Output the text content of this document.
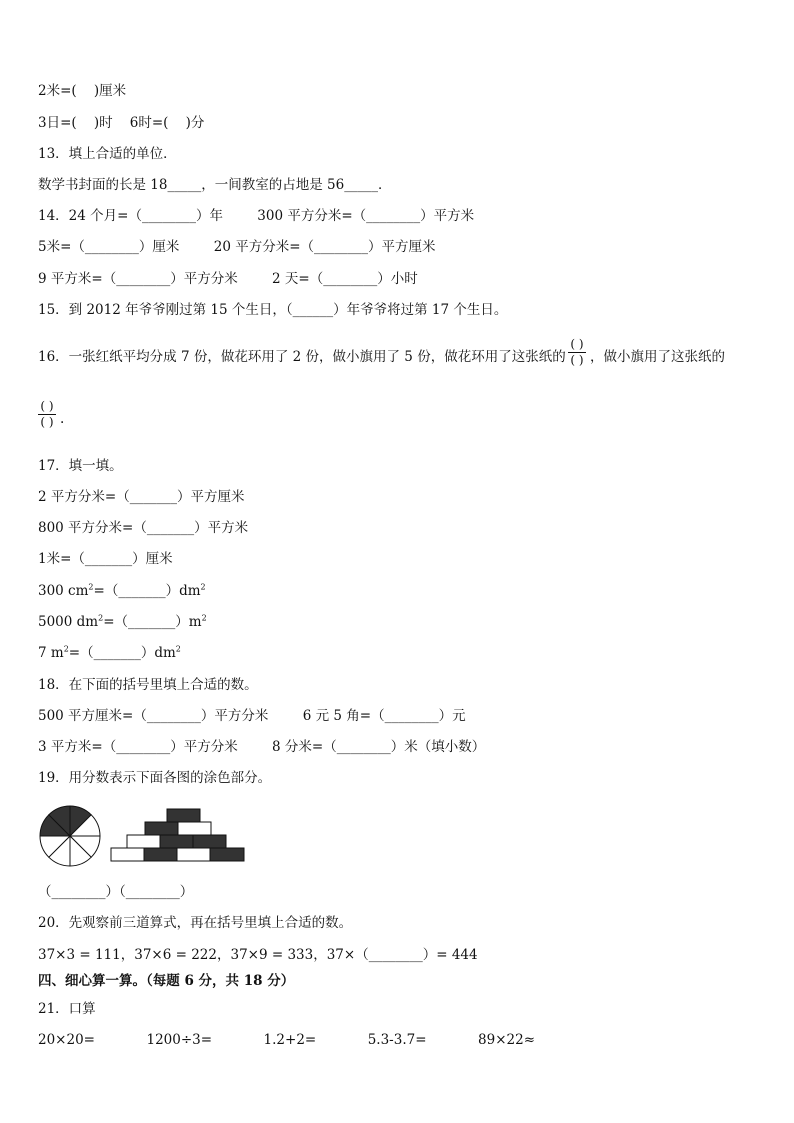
2米=(    )厘米
3日=(    )时    6时=(    )分
13．填上合适的单位．
数学书封面的长是 18_____，一间教室的占地是 56_____．
14．24 个月=（________）年        300 平方分米=（________）平方米
5米=（________）厘米        20 平方分米=（________）平方厘米
9 平方米=（________）平方分米        2 天=（________）小时
15．到 2012 年爷爷刚过第 15 个生日，（______）年爷爷将过第 17 个生日。
16．一张红纸平均分成 7 份，做花环用了 2 份，做小旗用了 5 份，做花环用了这张纸的
( )
( ) ，做小旗用了这张纸的
( )
( ) .
17．填一填。
2 平方分米=（_______）平方厘米
800 平方分米=（_______）平方米
1米=（_______）厘米
300 $cm^2=(\_\_\_\_\_\_\_)dm^2$
5000 $dm^2=(\_\_\_\_\_\_\_)m^2$
7 $m^2=(\_\_\_\_\_\_\_)dm^2$
18．在下面的括号里填上合适的数。
500 平方厘米=（________）平方分米        6 元 5 角=（________）元
3 平方米=（________）平方分米        8 分米=（________）米（填小数）
19．用分数表示下面各图的涂色部分。
（________）（________）
20．先观察前三道算式，再在括号里填上合适的数。
37×3 = 111，37×6 = 222，37×9 = 333，37×（________）= 444
四、细心算一算。（每题 6 分，共 18 分）
21．口算
20×20=            1200÷3=            1.2+2=            5.3-3.7=            89×22≈
